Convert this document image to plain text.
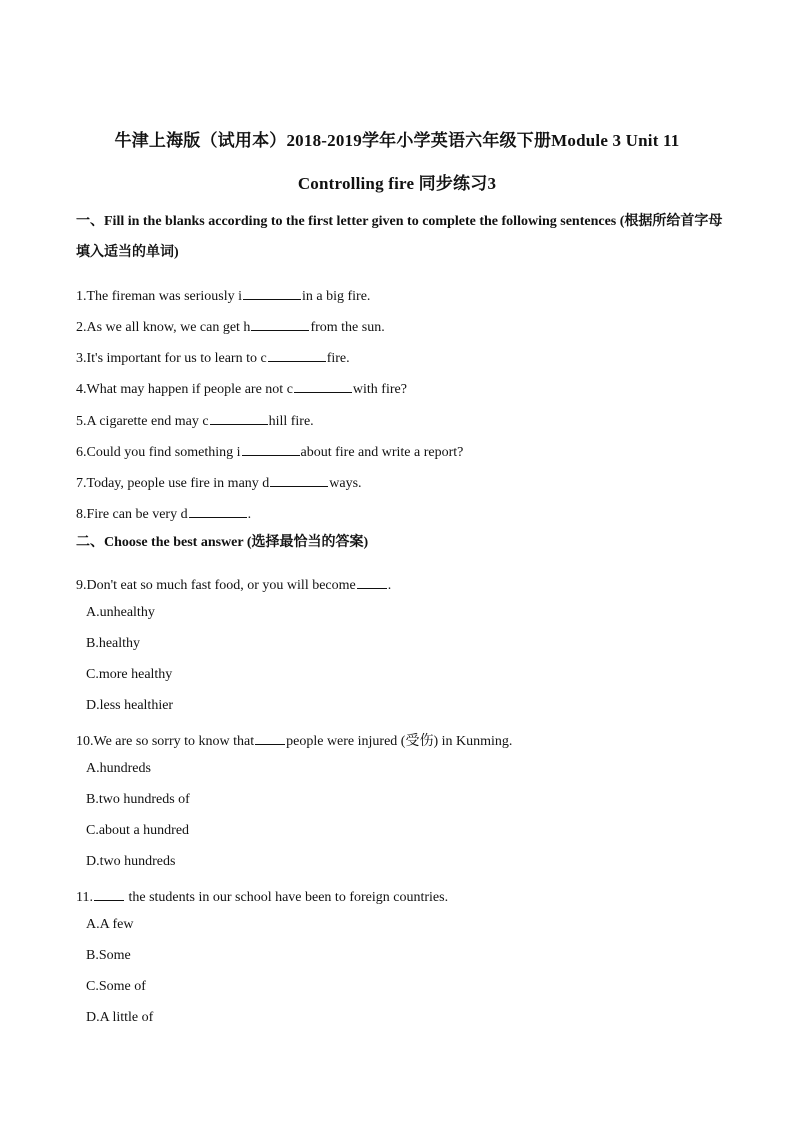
牛津上海版（试用本）2018-2019学年小学英语六年级下册Module 3 Unit 11
Controlling fire 同步练习3
一、Fill in the blanks according to the first letter given to complete the following sentences (根据所给首字母填入适当的单词)
1.The fireman was seriously i	in a big fire.
2.As we all know, we can get h	from the sun.
3.It's important for us to learn to c	fire.
4.What may happen if people are not c	with fire?
5.A cigarette end may c	hill fire.
6.Could you find something i	about fire and write a report?
7.Today, people use fire in many d	ways.
8.Fire can be very d	.
二、Choose the best answer (选择最恰当的答案)
9.Don't eat so much fast food, or you will become .
A.unhealthy
B.healthy
C.more healthy
D.less healthier
10.We are so sorry to know that people were injured (受伤) in Kunming.
A.hundreds
B.two hundreds of
C.about a hundred
D.two hundreds
11. the students in our school have been to foreign countries.
A.A few
B.Some
C.Some of
D.A little of
